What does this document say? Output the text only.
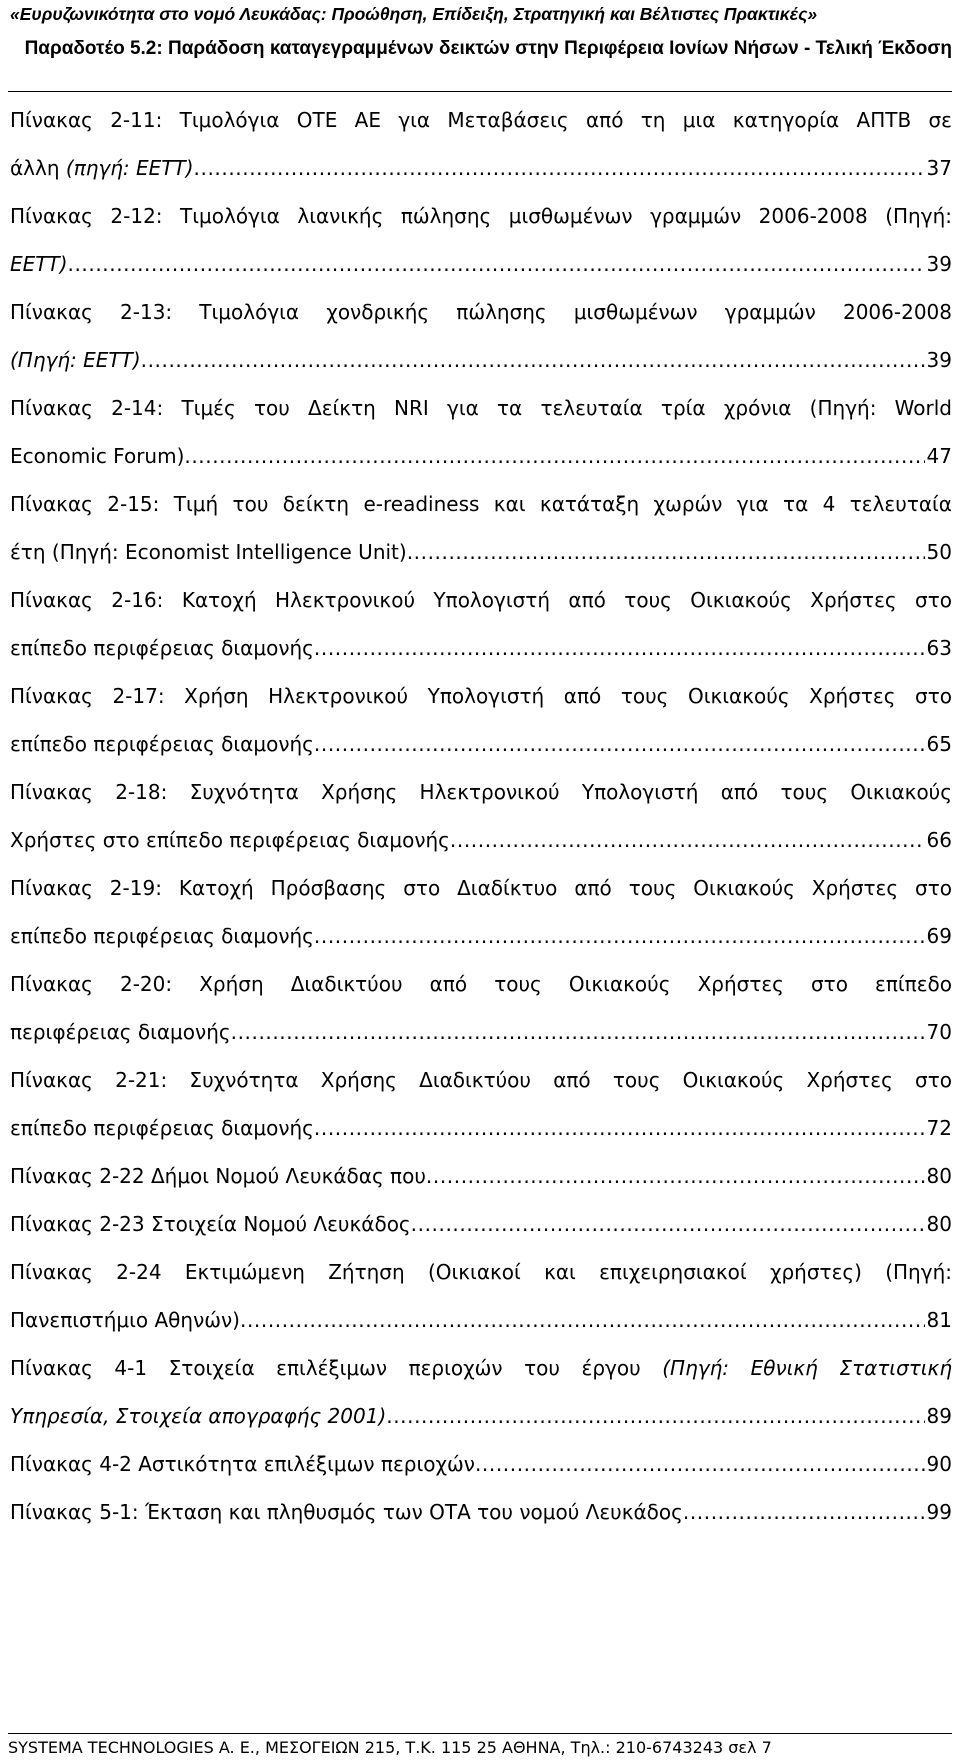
«Ευρυζωνικότητα στο νομό Λευκάδας: Προώθηση, Επίδειξη, Στρατηγική και Βέλτιστες Πρακτικές»
Παραδοτέο 5.2: Παράδοση καταγεγραμμένων δεικτών στην Περιφέρεια Ιονίων Νήσων - Τελική Έκδοση
Πίνακας 2-11: Τιμολόγια ΟΤΕ ΑΕ για Μεταβάσεις από τη μια κατηγορία ΑΠΤΒ σε
άλλη (πηγή: ΕΕΤΤ) .....	37
Πίνακας 2-12: Τιμολόγια λιανικής πώλησης μισθωμένων γραμμών 2006-2008 (Πηγή:
ΕΕΤΤ) .....	39
Πίνακας 2-13: Τιμολόγια χονδρικής πώλησης μισθωμένων γραμμών 2006-2008
(Πηγή: ΕΕΤΤ) .....	39
Πίνακας 2-14: Τιμές του Δείκτη NRI για τα τελευταία τρία χρόνια (Πηγή: World
Economic Forum) .....	47
Πίνακας 2-15: Τιμή του δείκτη e-readiness και κατάταξη χωρών για τα 4 τελευταία
έτη (Πηγή: Economist Intelligence Unit) .....	50
Πίνακας 2-16: Κατοχή Ηλεκτρονικού Υπολογιστή από τους Οικιακούς Χρήστες στο
επίπεδο περιφέρειας διαμονής .....	63
Πίνακας 2-17: Χρήση Ηλεκτρονικού Υπολογιστή από τους Οικιακούς Χρήστες στο
επίπεδο περιφέρειας διαμονής .....	65
Πίνακας 2-18: Συχνότητα Χρήσης Ηλεκτρονικού Υπολογιστή από τους Οικιακούς
Χρήστες στο επίπεδο περιφέρειας διαμονής .....	66
Πίνακας 2-19: Κατοχή Πρόσβασης στο Διαδίκτυο από τους Οικιακούς Χρήστες στο
επίπεδο περιφέρειας διαμονής .....	69
Πίνακας 2-20: Χρήση Διαδικτύου από τους Οικιακούς Χρήστες στο επίπεδο
περιφέρειας διαμονής .....	70
Πίνακας 2-21: Συχνότητα Χρήσης Διαδικτύου από τους Οικιακούς Χρήστες στο
επίπεδο περιφέρειας διαμονής .....	72
Πίνακας 2-22 Δήμοι Νομού Λευκάδας που .....	80
Πίνακας 2-23 Στοιχεία Νομού Λευκάδος .....	80
Πίνακας 2-24 Εκτιμώμενη Ζήτηση (Οικιακοί και επιχειρησιακοί χρήστες) (Πηγή:
Πανεπιστήμιο Αθηνών) .....	81
Πίνακας 4-1 Στοιχεία επιλέξιμων περιοχών του έργου (Πηγή: Εθνική Στατιστική
Υπηρεσία, Στοιχεία απογραφής 2001) .....	89
Πίνακας 4-2 Αστικότητα επιλέξιμων περιοχών .....	90
Πίνακας 5-1: Έκταση και πληθυσμός των ΟΤΑ του νομού Λευκάδος .....	99
SYSTEMA TECHNOLOGIES A. E., ΜΕΣΟΓΕΙΩΝ 215, Τ.Κ. 115 25 ΑΘΗΝΑ, Τηλ.: 210-6743243 σελ 7
